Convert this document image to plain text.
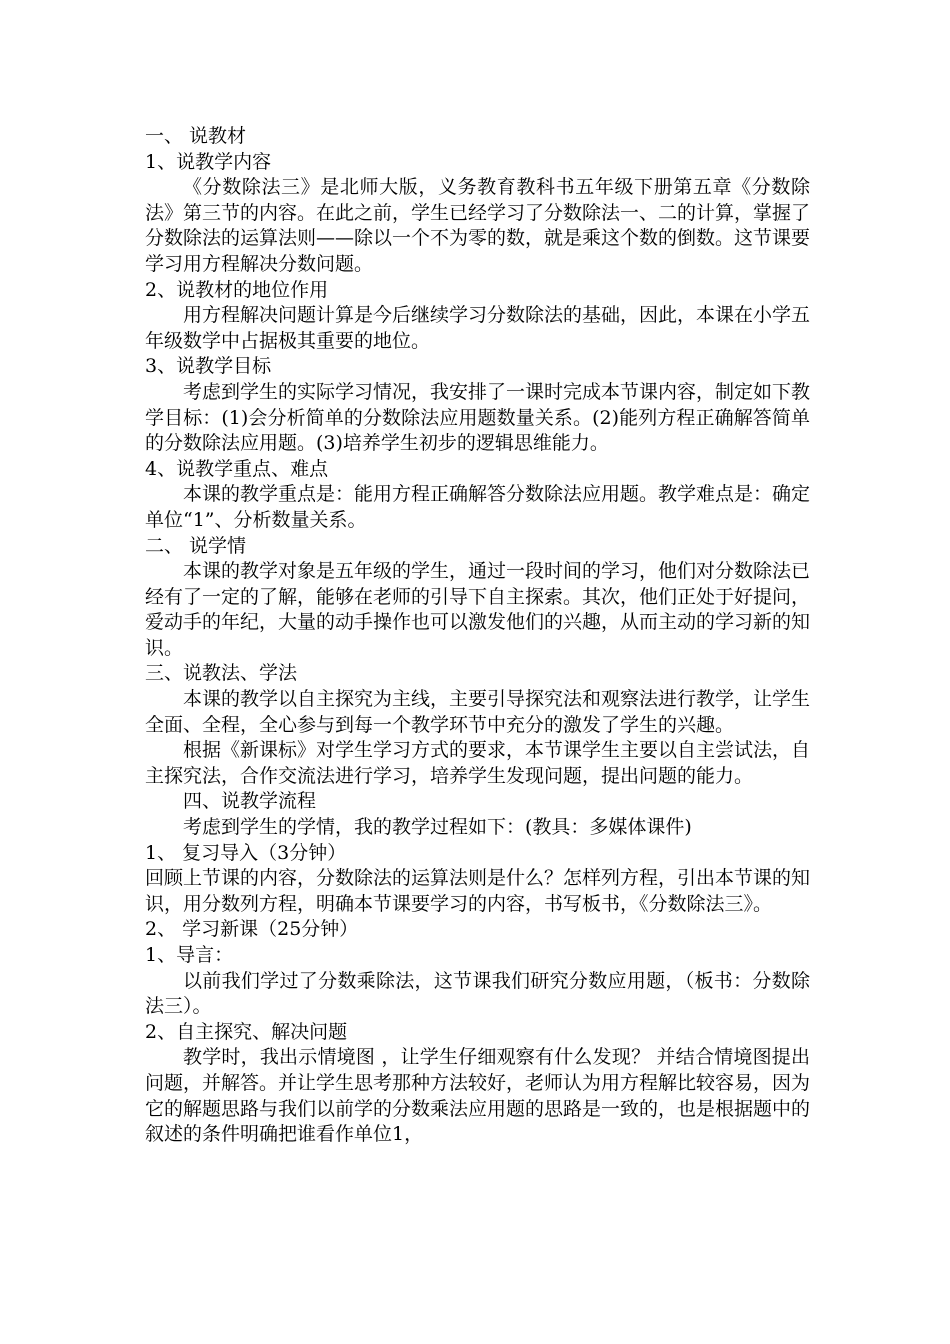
一、 说教材

1、说教学内容

《分数除法三》是北师大版，义务教育教科书五年级下册第五章《分数除法》第三节的内容。在此之前，学生已经学习了分数除法一、二的计算，掌握了分数除法的运算法则——除以一个不为零的数，就是乘这个数的倒数。这节课要学习用方程解决分数问题。

2、说教材的地位作用

用方程解决问题计算是今后继续学习分数除法的基础，因此，本课在小学五年级数学中占据极其重要的地位。

3、说教学目标

考虑到学生的实际学习情况，我安排了一课时完成本节课内容，制定如下教学目标：(1)会分析简单的分数除法应用题数量关系。(2)能列方程正确解答简单的分数除法应用题。(3)培养学生初步的逻辑思维能力。

4、说教学重点、难点

本课的教学重点是：能用方程正确解答分数除法应用题。教学难点是：确定单位“1”、分析数量关系。

二、 说学情

本课的教学对象是五年级的学生，通过一段时间的学习，他们对分数除法已经有了一定的了解，能够在老师的引导下自主探索。其次，他们正处于好提问，爱动手的年纪，大量的动手操作也可以激发他们的兴趣，从而主动的学习新的知识。

三、说教法、学法

本课的教学以自主探究为主线，主要引导探究法和观察法进行教学，让学生全面、全程，全心参与到每一个教学环节中充分的激发了学生的兴趣。

根据《新课标》对学生学习方式的要求，本节课学生主要以自主尝试法，自主探究法，合作交流法进行学习，培养学生发现问题，提出问题的能力。

四、说教学流程

考虑到学生的学情，我的教学过程如下：(教具：多媒体课件)

1、 复习导入（3分钟）

回顾上节课的内容，分数除法的运算法则是什么？怎样列方程，引出本节课的知识，用分数列方程，明确本节课要学习的内容，书写板书，《分数除法三》。

2、 学习新课（25分钟）

1、导言：

以前我们学过了分数乘除法，这节课我们研究分数应用题，（板书：分数除法三）。

2、自主探究、解决问题

教学时，我出示情境图 ，让学生仔细观察有什么发现？ 并结合情境图提出问题，并解答。并让学生思考那种方法较好，老师认为用方程解比较容易，因为它的解题思路与我们以前学的分数乘法应用题的思路是一致的，也是根据题中的叙述的条件明确把谁看作单位1，
